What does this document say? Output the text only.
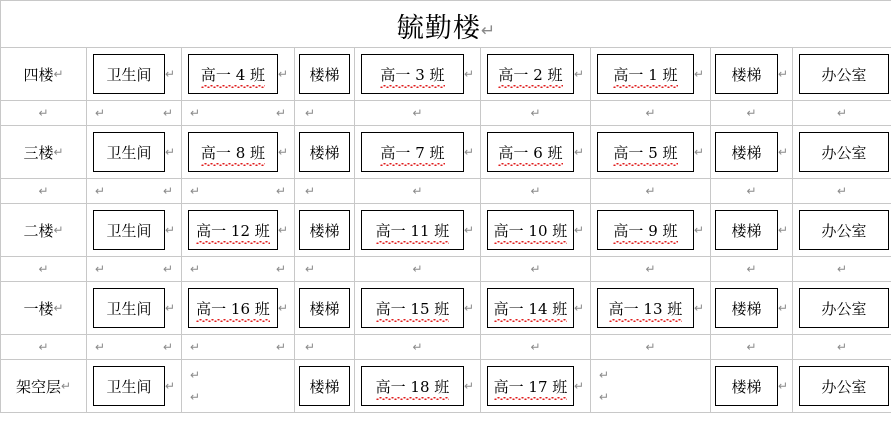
毓勤楼↵								

四楼 ↵	卫生间 ↵	高一 4 班 ↵	楼梯	高一 3 班 ↵	高一 2 班 ↵	高一 1 班 ↵	楼梯 ↵	办公室

↵	↵ ↵	↵ ↵	↵	↵	↵	↵	↵	↵

三楼 ↵	卫生间 ↵	高一 8 班 ↵	楼梯	高一 7 班 ↵	高一 6 班 ↵	高一 5 班 ↵	楼梯 ↵	办公室

↵	↵ ↵	↵ ↵	↵	↵	↵	↵	↵	↵

二楼 ↵	卫生间 ↵	高一 12 班 ↵	楼梯	高一 11 班 ↵	高一 10 班 ↵	高一 9 班 ↵	楼梯 ↵	办公室

↵	↵ ↵	↵ ↵	↵	↵	↵	↵	↵	↵

一楼 ↵	卫生间 ↵	高一 16 班 ↵	楼梯	高一 15 班 ↵	高一 14 班 ↵	高一 13 班 ↵	楼梯 ↵	办公室

↵	↵ ↵	↵ ↵	↵	↵	↵	↵	↵	↵

架空层 ↵	卫生间 ↵	↵
↵	楼梯	高一 18 班 ↵	高一 17 班 ↵	↵
↵	楼梯 ↵	办公室
